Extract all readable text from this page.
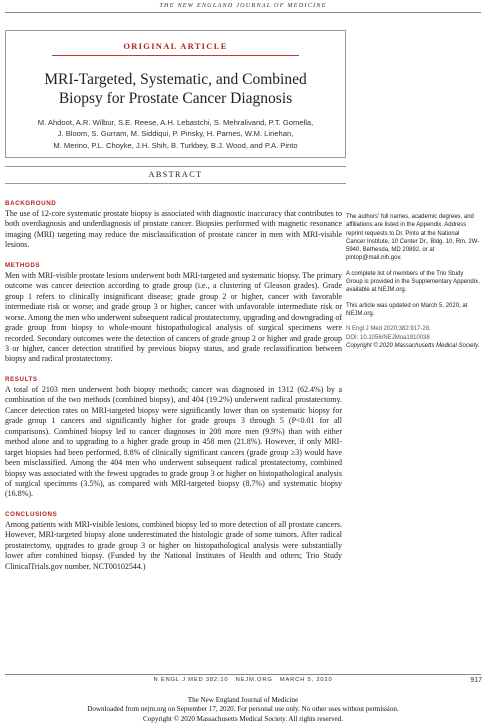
THE NEW ENGLAND JOURNAL OF MEDICINE
ORIGINAL ARTICLE
MRI-Targeted, Systematic, and Combined
Biopsy for Prostate Cancer Diagnosis
M. Ahdoot, A.R. Wilbur, S.E. Reese, A.H. Lebastchi, S. Mehralivand, P.T. Gomella,
J. Bloom, S. Gurram, M. Siddiqui, P. Pinsky, H. Parnes, W.M. Linehan,
M. Merino, P.L. Choyke, J.H. Shih, B. Turkbey, B.J. Wood, and P.A. Pinto
ABSTRACT
BACKGROUND

The use of 12-core systematic prostate biopsy is associated with diagnostic inaccuracy that contributes to both overdiagnosis and underdiagnosis of prostate cancer. Biopsies performed with magnetic resonance imaging (MRI) targeting may reduce the misclassification of prostate cancer in men with MRI-visible lesions.

METHODS

Men with MRI-visible prostate lesions underwent both MRI-targeted and systematic biopsy. The primary outcome was cancer detection according to grade group (i.e., a clustering of Gleason grades). Grade group 1 refers to clinically insignificant disease; grade group 2 or higher, cancer with favorable intermediate risk or worse; and grade group 3 or higher, cancer with unfavorable intermediate risk or worse. Among the men who underwent subsequent radical prostatectomy, upgrading and downgrading of grade group from biopsy to whole-mount histopathological analysis of surgical specimens were recorded. Secondary outcomes were the detection of cancers of grade group 2 or higher and grade group 3 or higher, cancer detection stratified by previous biopsy status, and grade reclassification between biopsy and radical prostatectomy.

RESULTS

A total of 2103 men underwent both biopsy methods; cancer was diagnosed in 1312 (62.4%) by a combination of the two methods (combined biopsy), and 404 (19.2%) underwent radical prostatectomy. Cancer detection rates on MRI-targeted biopsy were significantly lower than on systematic biopsy for grade group 1 cancers and significantly higher for grade groups 3 through 5 (P<0.01 for all comparisons). Combined biopsy led to cancer diagnoses in 208 more men (9.9%) than with either method alone and to upgrading to a higher grade group in 458 men (21.8%). However, if only MRI-target biopsies had been performed, 8.8% of clinically significant cancers (grade group ≥3) would have been misclassified. Among the 404 men who underwent subsequent radical prostatectomy, combined biopsy was associated with the fewest upgrades to grade group 3 or higher on histopathological analysis of surgical specimens (3.5%), as compared with MRI-targeted biopsy (8.7%) and systematic biopsy (16.8%).

CONCLUSIONS

Among patients with MRI-visible lesions, combined biopsy led to more detection of all prostate cancers. However, MRI-targeted biopsy alone underestimated the histologic grade of some tumors. After radical prostatectomy, upgrades to grade group 3 or higher on histopathological analysis were substantially lower after combined biopsy. (Funded by the National Institutes of Health and others; Trio Study ClinicalTrials.gov number, NCT00102544.)

The authors' full names, academic degrees, and affiliations are listed in the Appendix. Address reprint requests to Dr. Pinto at the National Cancer Institute, 10 Center Dr., Bldg. 10, Rm. 2W-5940, Bethesda, MD 20892, or at pintop@mail.nih.gov.

A complete list of members of the Trio Study Group is provided in the Supplementary Appendix, available at NEJM.org.

This article was updated on March 5, 2020, at NEJM.org.

N Engl J Med 2020;382:917-28.

DOI: 10.1056/NEJMoa1910038

Copyright © 2020 Massachusetts Medical Society.

N ENGL J MED 382;10   NEJM.ORG   MARCH 5, 2020	917
The New England Journal of Medicine
Downloaded from nejm.org on September 17, 2020. For personal use only. No other uses without permission.
Copyright © 2020 Massachusetts Medical Society. All rights reserved.
